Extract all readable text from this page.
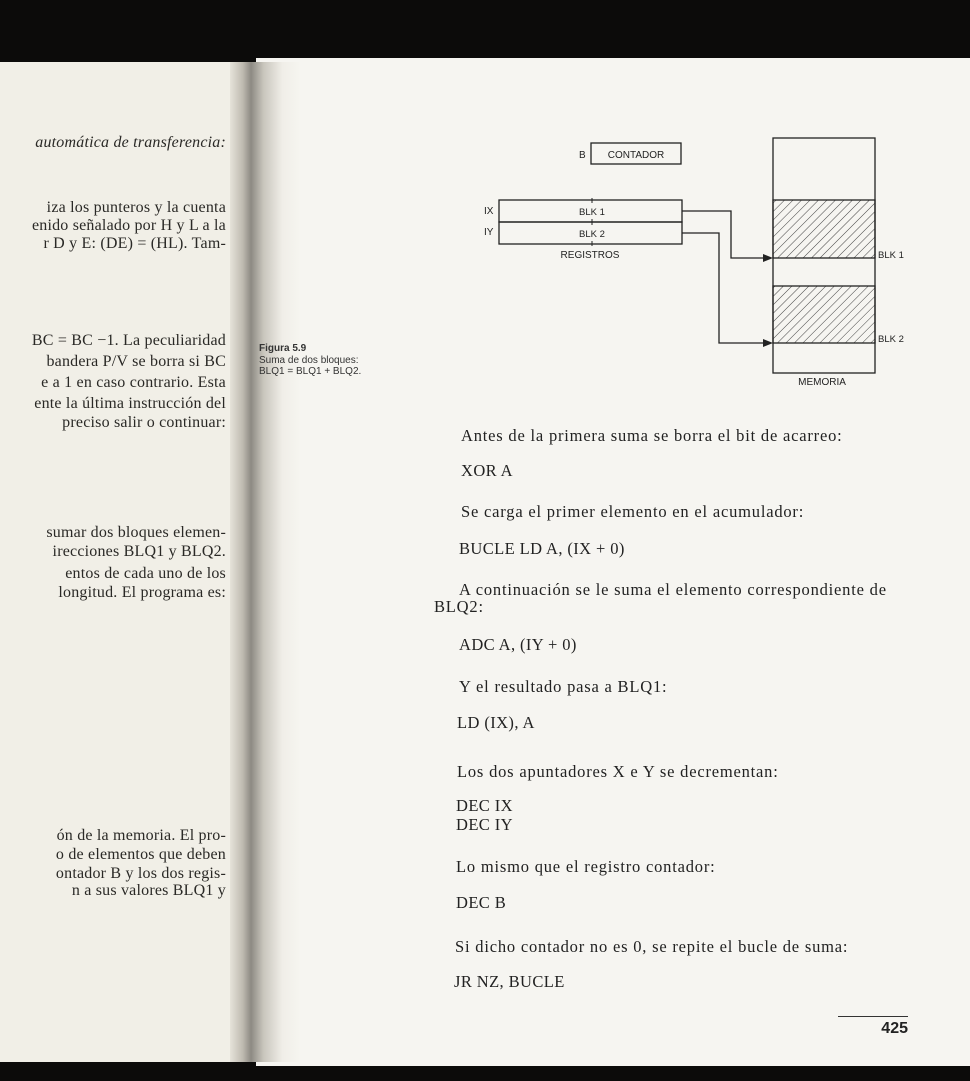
automática de transferencia:
iza los punteros y la cuenta
enido señalado por H y L a la
r D y E: (DE) = (HL). Tam-
BC = BC −1. La peculiaridad
bandera P/V se borra si BC
e a 1 en caso contrario. Esta
ente la última instrucción del
preciso salir o continuar:
sumar dos bloques elemen-
irecciones BLQ1 y BLQ2.
entos de cada uno de los
longitud. El programa es:
ón de la memoria. El pro-
o de elementos que deben
ontador B y los dos regis-
n a sus valores BLQ1 y
B CONTADOR
IX
IY
BLK 1
BLK 2
REGISTROS	BLK 1
BLK 2
MEMORIA
Figura 5.9
Suma de dos bloques:
BLQ1 = BLQ1 + BLQ2.
Antes de la primera suma se borra el bit de acarreo:
XOR A
Se carga el primer elemento en el acumulador:
BUCLE LD A, (IX + 0)
A continuación se le suma el elemento correspondiente de
BLQ2:
ADC A, (IY + 0)
Y el resultado pasa a BLQ1:
LD (IX), A
Los dos apuntadores X e Y se decrementan:
DEC IX
DEC IY
Lo mismo que el registro contador:
DEC B
Si dicho contador no es 0, se repite el bucle de suma:
JR NZ, BUCLE
425
